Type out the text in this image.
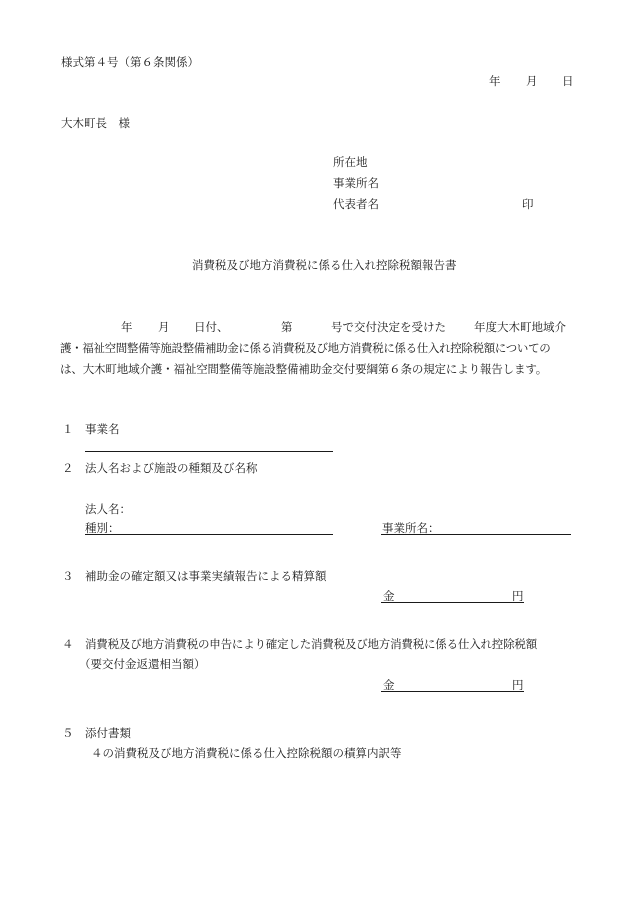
様式第４号（第６条関係）
年 月 日
大木町長　様
所在地
事業所名
代表者名	印
消費税及び地方消費税に係る仕入れ控除税額報告書
年 月 日付、	第	号で交付決定を受けた 年度大木町地域介
護・福祉空間整備等施設整備補助金に係る消費税及び地方消費税に係る仕入れ控除税額についての
は、大木町地域介護・福祉空間整備等施設整備補助金交付要綱第６条の規定により報告します。
１ 事業名
２ 法人名および施設の種類及び名称
法人名：
種別：	事業所名：
３ 補助金の確定額又は事業実績報告による精算額
金	円
４ 消費税及び地方消費税の申告により確定した消費税及び地方消費税に係る仕入れ控除税額
（要交付金返還相当額）
金	円
５ 添付書類
４の消費税及び地方消費税に係る仕入控除税額の積算内訳等
